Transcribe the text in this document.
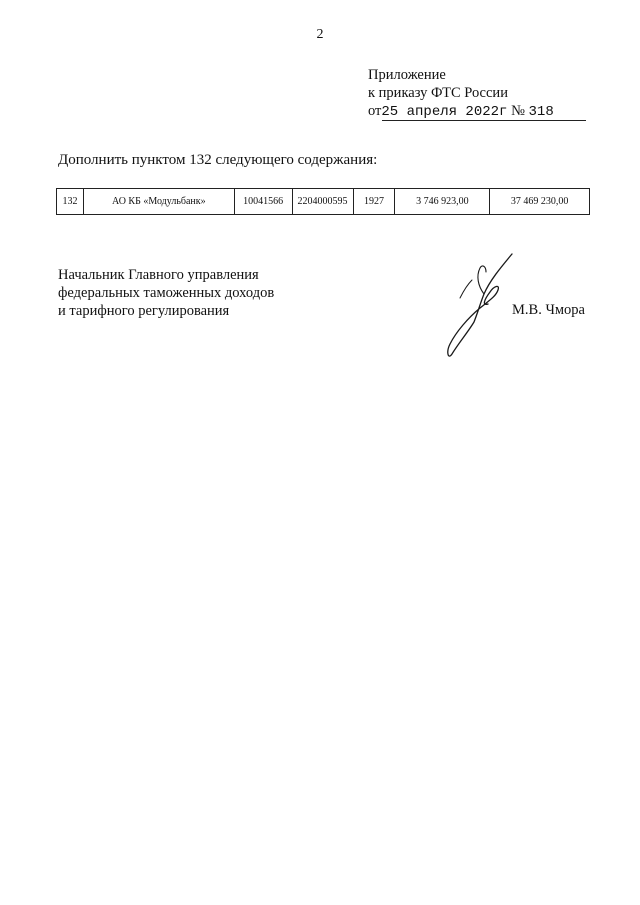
2
Приложение
к приказу ФТС России
от25 апреля 2022г № 318
Дополнить пунктом 132 следующего содержания:
132	АО КБ «Модульбанк»	10041566	2204000595	1927	3 746 923,00	37 469 230,00
Начальник Главного управления
федеральных таможенных доходов
и тарифного регулирования	М.В. Чмора
